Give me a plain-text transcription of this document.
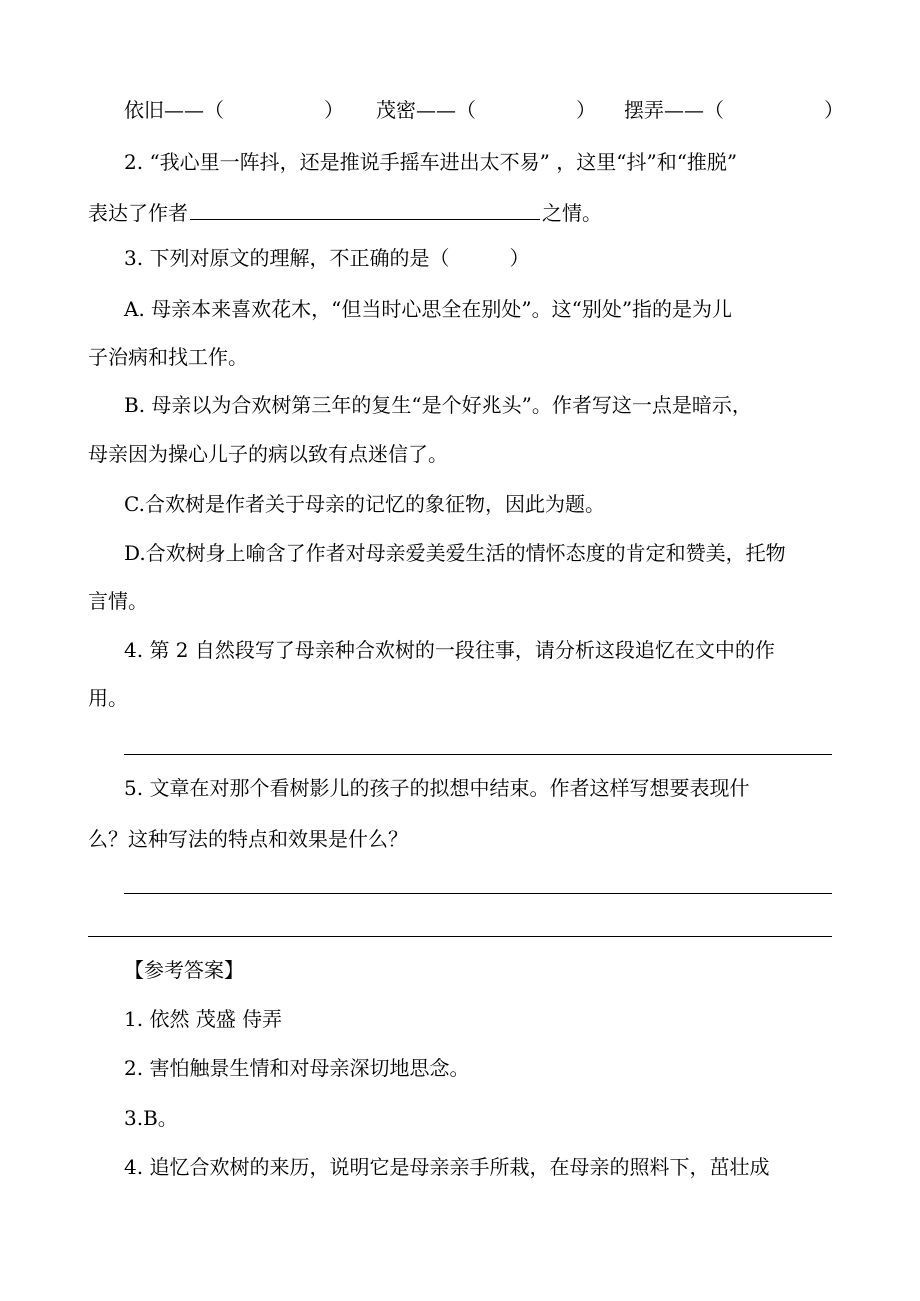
依旧——（　　　　　） 茂密——（　　　　　） 摆弄——（　　　　　）
2. “我心里一阵抖，还是推说手摇车进出太不易” ，这里“抖”和“推脱”
表达了作者	之情。
3. 下列对原文的理解，不正确的是（　　　）
A. 母亲本来喜欢花木，“但当时心思全在别处”。这“别处”指的是为儿
子治病和找工作。
B. 母亲以为合欢树第三年的复生“是个好兆头”。作者写这一点是暗示，
母亲因为操心儿子的病以致有点迷信了。
C.合欢树是作者关于母亲的记忆的象征物，因此为题。
D.合欢树身上喻含了作者对母亲爱美爱生活的情怀态度的肯定和赞美，托物
言情。
4. 第 2 自然段写了母亲种合欢树的一段往事，请分析这段追忆在文中的作
用。
5. 文章在对那个看树影儿的孩子的拟想中结束。作者这样写想要表现什
么？这种写法的特点和效果是什么？
【参考答案】
1. 依然 茂盛 侍弄
2. 害怕触景生情和对母亲深切地思念。
3.B。
4. 追忆合欢树的来历，说明它是母亲亲手所栽，在母亲的照料下，茁壮成
